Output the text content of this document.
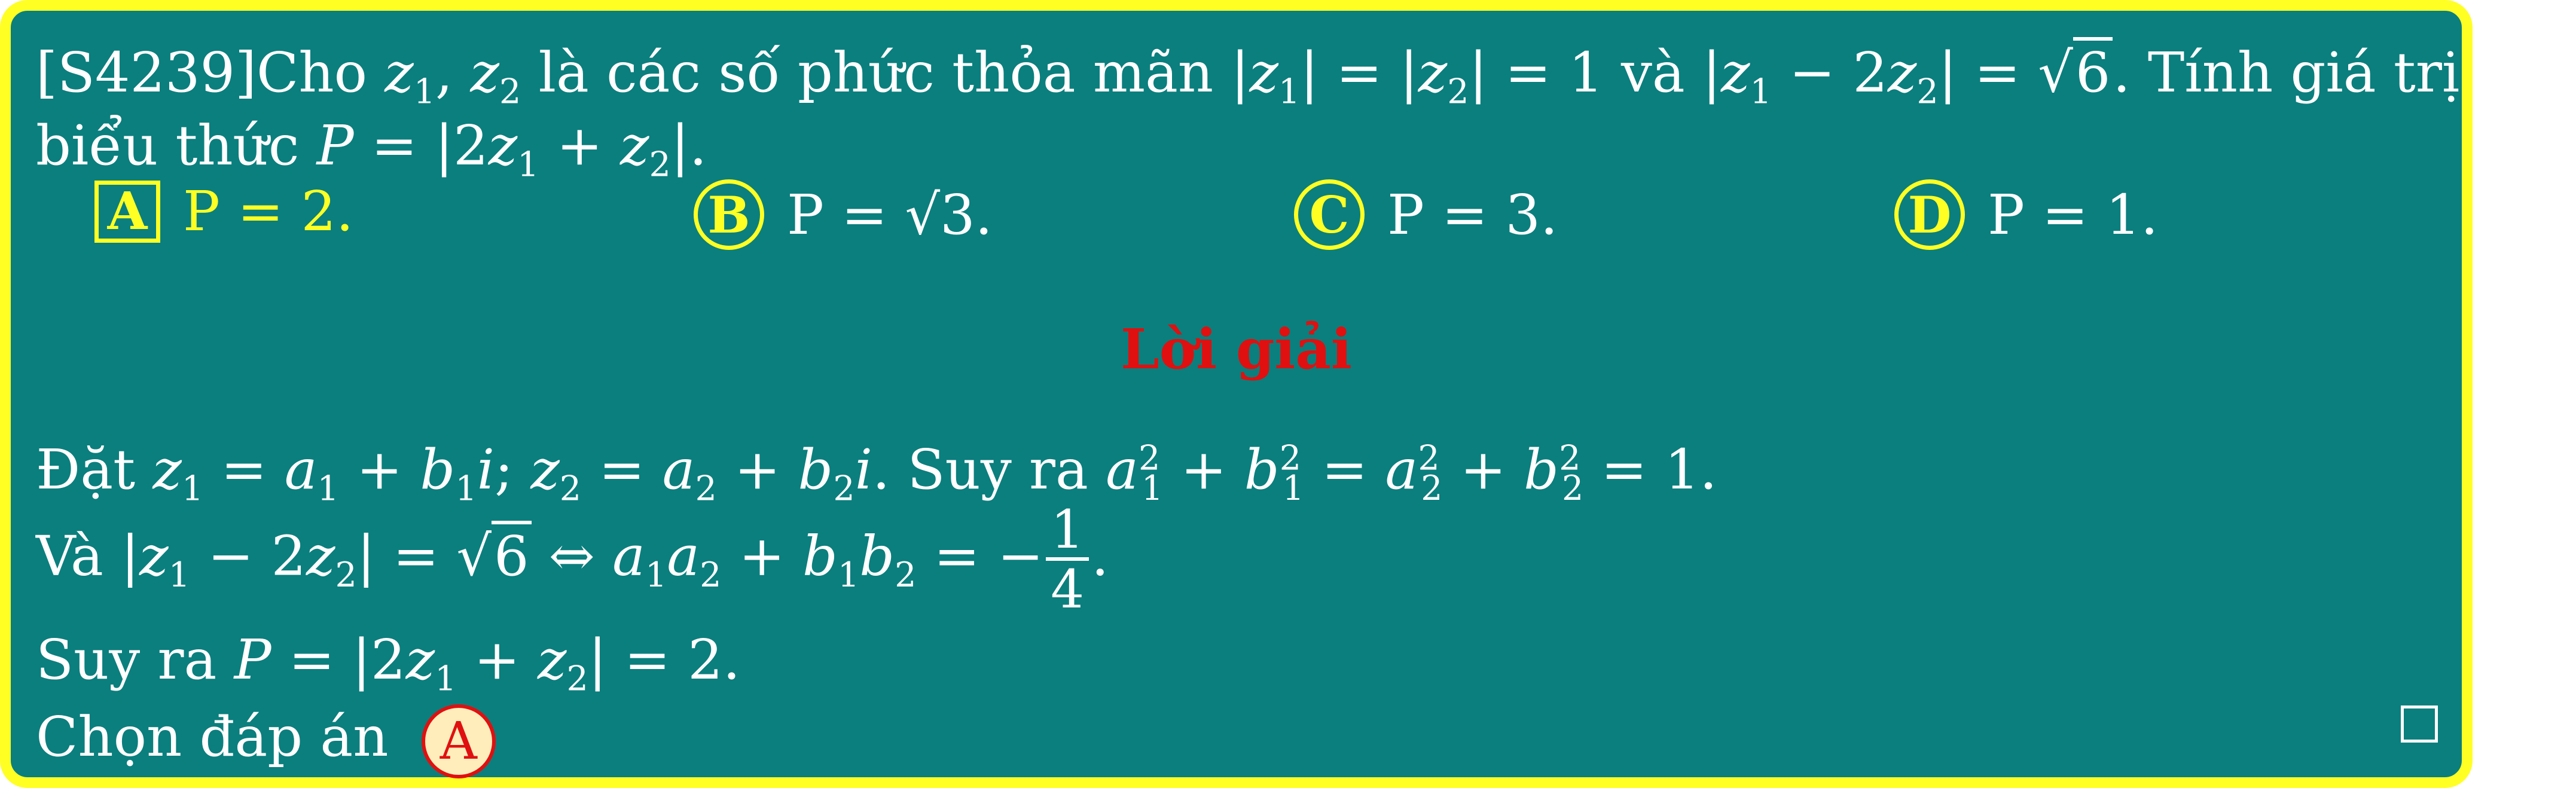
[S4239]Cho $z_1$, $z_2$ là các số phức thỏa mãn $|z_1| = |z_2| = 1$ và $|z_1 - 2z_2| = √6$. Tính giá trị của
biểu thức $P = |2z_1 + z_2|$.
A P = 2.	B P = √3.	C P = 3.	D P = 1.
Lời giải
Đặt $z_1 = a_1 + b_1i$; $z_2 = a_2 + b_2i$. Suy ra $a^2_1 + b^2_1 = a^2_2 + b^2_2 = 1$.
Và $|z_1 - 2z_2| = √6$ ⇔ $a_1a_2 + b_1b_2$ = − $\frac{1}{4}$ .
Suy ra $P = |2z_1 + z_2| = 2$.
Chọn đáp án A
